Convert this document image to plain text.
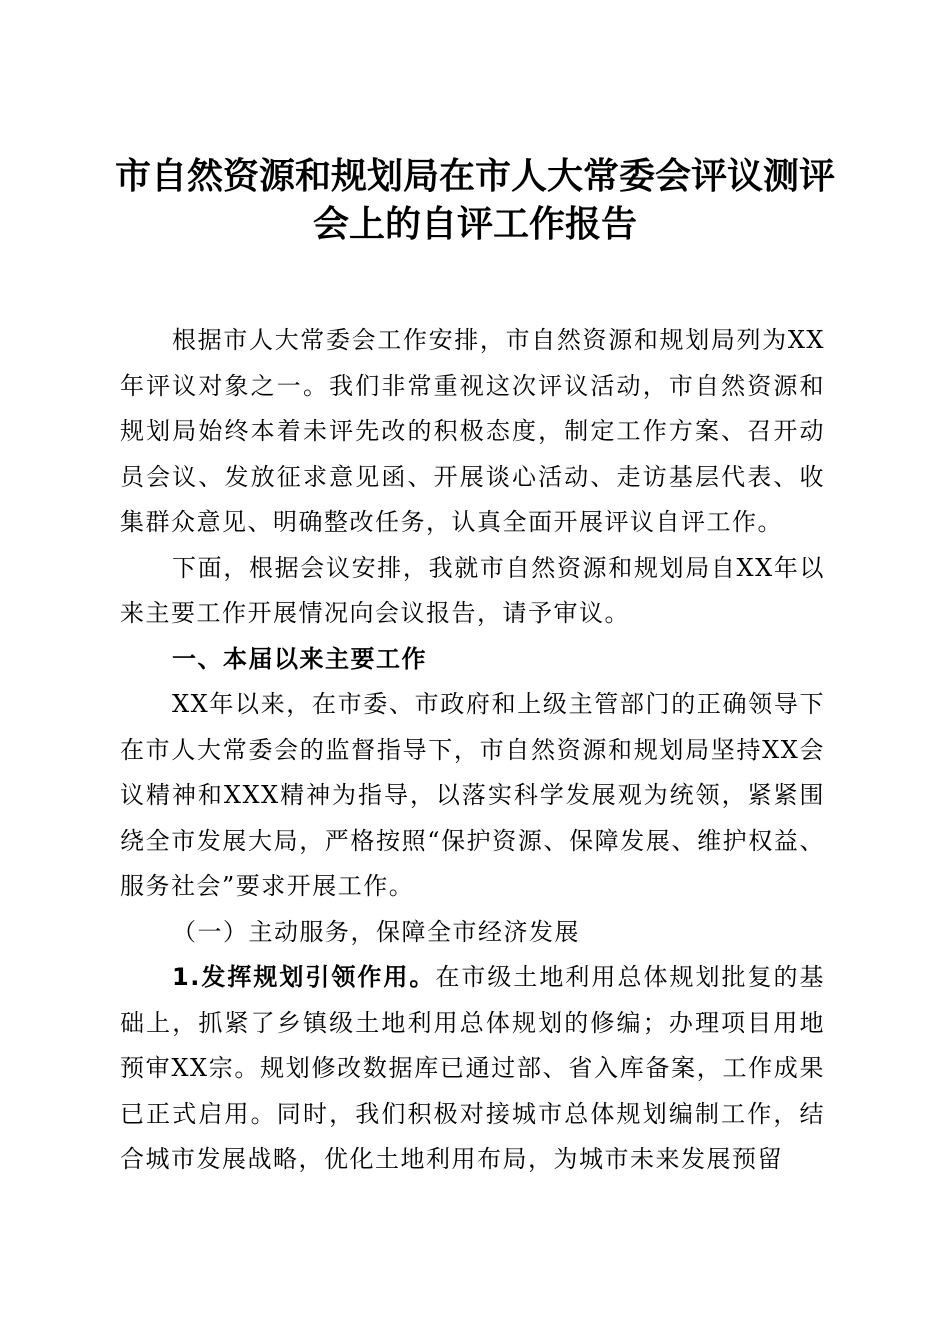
市自然资源和规划局在市人大常委会评议测评
会上的自评工作报告

根据市人大常委会工作安排，市自然资源和规划局列为XX年评议对象之一。我们非常重视这次评议活动，市自然资源和规划局始终本着未评先改的积极态度，制定工作方案、召开动员会议、发放征求意见函、开展谈心活动、走访基层代表、收集群众意见、明确整改任务，认真全面开展评议自评工作。

下面，根据会议安排，我就市自然资源和规划局自XX年以来主要工作开展情况向会议报告，请予审议。

一、本届以来主要工作

XX年以来，在市委、市政府和上级主管部门的正确领导下在市人大常委会的监督指导下，市自然资源和规划局坚持XX会议精神和XXX精神为指导，以落实科学发展观为统领，紧紧围绕全市发展大局，严格按照“保护资源、保障发展、维护权益、服务社会”要求开展工作。

（一）主动服务，保障全市经济发展

1.发挥规划引领作用。在市级土地利用总体规划批复的基础上，抓紧了乡镇级土地利用总体规划的修编；办理项目用地预审XX宗。规划修改数据库已通过部、省入库备案，工作成果已正式启用。同时，我们积极对接城市总体规划编制工作，结合城市发展战略，优化土地利用布局，为城市未来发展预留
